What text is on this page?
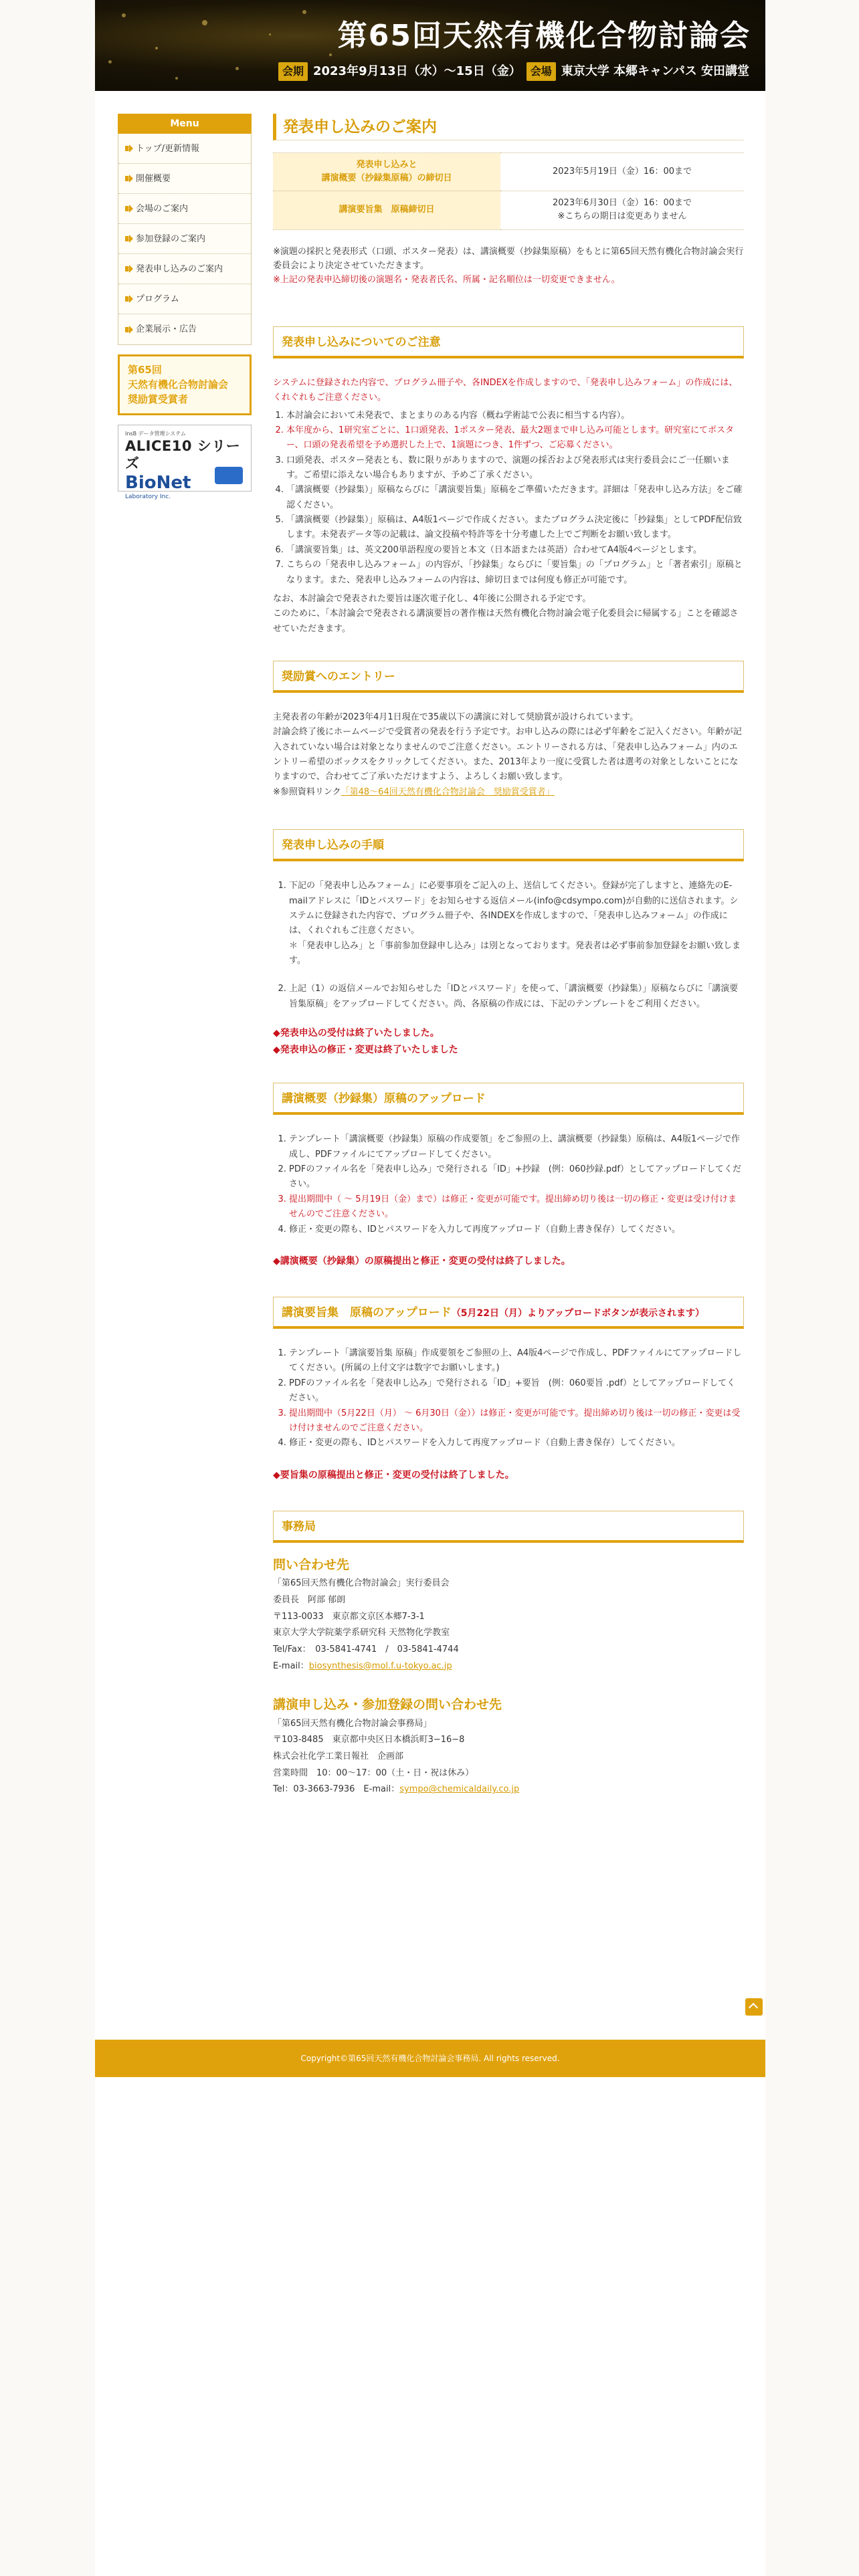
第65回天然有機化合物討論会
会期 2023年9月13日（水）〜15日（金） 会場 東京大学 本郷キャンパス 安田講堂
Menu
トップ/更新情報
開催概要
会場のご案内
参加登録のご案内
発表申し込みのご案内
プログラム
企業展示・広告
第65回
天然有機化合物討論会
奨励賞受賞者
InsB データ管理システム
ALICE10 シリーズ
BioNet
Laboratory Inc.
発表申し込みのご案内
発表申し込みと
講演概要（抄録集原稿）の締切日	2023年5月19日（金）16：00まで
講演要旨集　原稿締切日	2023年6月30日（金）16：00まで
※こちらの期日は変更ありません
※演題の採択と発表形式（口頭、ポスター発表）は、講演概要（抄録集原稿）をもとに第65回天然有機化合物討論会実行委員会により決定させていただきます。
※上記の発表申込締切後の演題名・発表者氏名、所属・記名順位は一切変更できません。
発表申し込みについてのご注意
システムに登録された内容で、プログラム冊子や、各INDEXを作成しますので、「発表申し込みフォーム」の作成には、くれぐれもご注意ください。
1. 本討論会において未発表で、まとまりのある内容（概ね学術誌で公表に相当する内容）。
2. 本年度から、1研究室ごとに、1口頭発表、1ポスター発表、最大2題まで申し込み可能とします。研究室にてポスター、口頭の発表希望を予め選択した上で、1演題につき、1件ずつ、ご応募ください。
3. 口頭発表、ポスター発表とも、数に限りがありますので、演題の採否および発表形式は実行委員会にご一任願います。ご希望に添えない場合もありますが、予めご了承ください。
4. 「講演概要（抄録集）」原稿ならびに「講演要旨集」原稿をご準備いただきます。詳細は「発表申し込み方法」をご確認ください。
5. 「講演概要（抄録集）」原稿は、A4版1ページで作成ください。またプログラム決定後に「抄録集」としてPDF配信致します。未発表データ等の記載は、論文投稿や特許等を十分考慮した上でご判断をお願い致します。
6. 「講演要旨集」は、英文200単語程度の要旨と本文（日本語または英語）合わせてA4版4ページとします。
7. こちらの「発表申し込みフォーム」の内容が、「抄録集」ならびに「要旨集」の「プログラム」と「著者索引」原稿となります。また、発表申し込みフォームの内容は、締切日までは何度も修正が可能です。
なお、本討論会で発表された要旨は逐次電子化し、4年後に公開される予定です。
このために、「本討論会で発表される講演要旨の著作権は天然有機化合物討論会電子化委員会に帰属する」ことを確認させていただきます。
奨励賞へのエントリー
主発表者の年齢が2023年4月1日現在で35歳以下の講演に対して奨励賞が設けられています。
討論会終了後にホームページで受賞者の発表を行う予定です。お申し込みの際には必ず年齢をご記入ください。年齢が記入されていない場合は対象となりませんのでご注意ください。エントリーされる方は、「発表申し込みフォーム」内のエントリー希望のボックスをクリックしてください。また、2013年より一度に受賞した者は選考の対象としないことになりますので、合わせてご了承いただけますよう、よろしくお願い致します。
※参照資料リンク「第48〜64回天然有機化合物討論会　奨励賞受賞者」
発表申し込みの手順
1. 下記の「発表申し込みフォーム」に必要事項をご記入の上、送信してください。登録が完了しますと、連絡先のE-mailアドレスに「IDとパスワード」をお知らせする返信メール(info@cdsympo.com)が自動的に送信されます。システムに登録された内容で、プログラム冊子や、各INDEXを作成しますので、「発表申し込みフォーム」の作成には、くれぐれもご注意ください。
＊「発表申し込み」と「事前参加登録申し込み」は別となっております。発表者は必ず事前参加登録をお願い致します。
2. 上記（1）の返信メールでお知らせした「IDとパスワード」を使って、「講演概要（抄録集）」原稿ならびに「講演要旨集原稿」をアップロードしてください。尚、各原稿の作成には、下記のテンプレートをご利用ください。
◆発表申込の受付は終了いたしました。
◆発表申込の修正・変更は終了いたしました
講演概要（抄録集）原稿のアップロード
1. テンプレート「講演概要（抄録集）原稿の作成要領」をご参照の上、講演概要（抄録集）原稿は、A4版1ページで作成し、PDFファイルにてアップロードしてください。
2. PDFのファイル名を「発表申し込み」で発行される「ID」+抄録　(例：060抄録.pdf）としてアップロードしてください。
3. 提出期間中（ 〜 5月19日（金）まで）は修正・変更が可能です。提出締め切り後は一切の修正・変更は受け付けませんのでご注意ください。
4. 修正・変更の際も、IDとパスワードを入力して再度アップロード（自動上書き保存）してください。
◆講演概要（抄録集）の原稿提出と修正・変更の受付は終了しました。
講演要旨集　原稿のアップロード（5月22日（月）よりアップロードボタンが表示されます）
1. テンプレート「講演要旨集 原稿」作成要領をご参照の上、A4版4ページで作成し、PDFファイルにてアップロードしてください。(所属の上付文字は数字でお願いします。)
2. PDFのファイル名を「発表申し込み」で発行される「ID」+要旨　(例：060要旨 .pdf）としてアップロードしてください。
3. 提出期間中（5月22日（月） 〜 6月30日（金））は修正・変更が可能です。提出締め切り後は一切の修正・変更は受け付けませんのでご注意ください。
4. 修正・変更の際も、IDとパスワードを入力して再度アップロード（自動上書き保存）してください。
◆要旨集の原稿提出と修正・変更の受付は終了しました。
事務局
問い合わせ先
「第65回天然有機化合物討論会」実行委員会
委員長　阿部 郁朗
〒113-0033　東京都文京区本郷7-3-1
東京大学大学院薬学系研究科 天然物化学教室
Tel/Fax：　03-5841-4741　/　03-5841-4744
E-mail：biosynthesis@mol.f.u-tokyo.ac.jp
講演申し込み・参加登録の問い合わせ先
「第65回天然有機化合物討論会事務局」
〒103-8485　東京都中央区日本橋浜町3−16−8
株式会社化学工業日報社　企画部
営業時間　10：00〜17：00（土・日・祝は休み）
Tel：03-3663-7936　E-mail：sympo@chemicaldaily.co.jp
Copyright©第65回天然有機化合物討論会事務局. All rights reserved.
